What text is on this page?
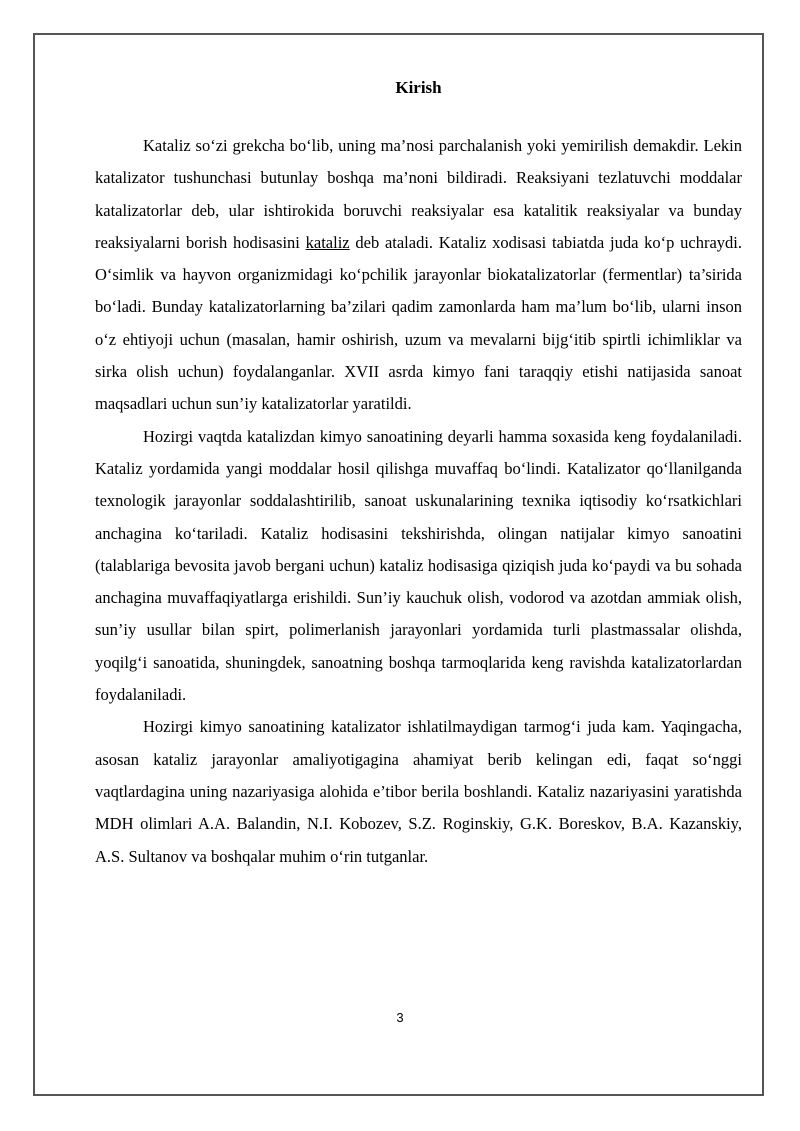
Kirish

Kataliz so‘zi grekcha bo‘lib, uning ma’nosi parchalanish yoki yemirilish demakdir. Lekin katalizator tushunchasi butunlay boshqa ma’noni bildiradi. Reaksiyani tezlatuvchi moddalar katalizatorlar deb, ular ishtirokida boruvchi reaksiyalar esa katalitik reaksiyalar va bunday reaksiyalarni borish hodisasini kataliz deb ataladi. Kataliz xodisasi tabiatda juda ko‘p uchraydi. O‘simlik va hayvon organizmidagi ko‘pchilik jarayonlar biokatalizatorlar (fermentlar) ta’sirida bo‘ladi. Bunday katalizatorlarning ba’zilari qadim zamonlarda ham ma’lum bo‘lib, ularni inson o‘z ehtiyoji uchun (masalan, hamir oshirish, uzum va mevalarni bijg‘itib spirtli ichimliklar va sirka olish uchun) foydalanganlar. XVII asrda kimyo fani taraqqiy etishi natijasida sanoat maqsadlari uchun sun’iy katalizatorlar yaratildi.

Hozirgi vaqtda katalizdan kimyo sanoatining deyarli hamma soxasida keng foydalaniladi. Kataliz yordamida yangi moddalar hosil qilishga muvaffaq bo‘lindi. Katalizator qo‘llanilganda texnologik jarayonlar soddalashtirilib, sanoat uskunalarining texnika iqtisodiy ko‘rsatkichlari anchagina ko‘tariladi. Kataliz hodisasini tekshirishda, olingan natijalar kimyo sanoatini (talablariga bevosita javob bergani uchun) kataliz hodisasiga qiziqish juda ko‘paydi va bu sohada anchagina muvaffaqiyatlarga erishildi. Sun’iy kauchuk olish, vodorod va azotdan ammiak olish, sun’iy usullar bilan spirt, polimerlanish jarayonlari yordamida turli plastmassalar olishda, yoqilg‘i sanoatida, shuningdek, sanoatning boshqa tarmoqlarida keng ravishda katalizatorlardan foydalaniladi.

Hozirgi kimyo sanoatining katalizator ishlatilmaydigan tarmog‘i juda kam. Yaqingacha, asosan kataliz jarayonlar amaliyotigagina ahamiyat berib kelingan edi, faqat so‘nggi vaqtlardagina uning nazariyasiga alohida e’tibor berila boshlandi. Kataliz nazariyasini yaratishda MDH olimlari A.A. Balandin, N.I. Kobozev, S.Z. Roginskiy, G.K. Boreskov, B.A. Kazanskiy, A.S. Sultanov va boshqalar muhim o‘rin tutganlar.

3
